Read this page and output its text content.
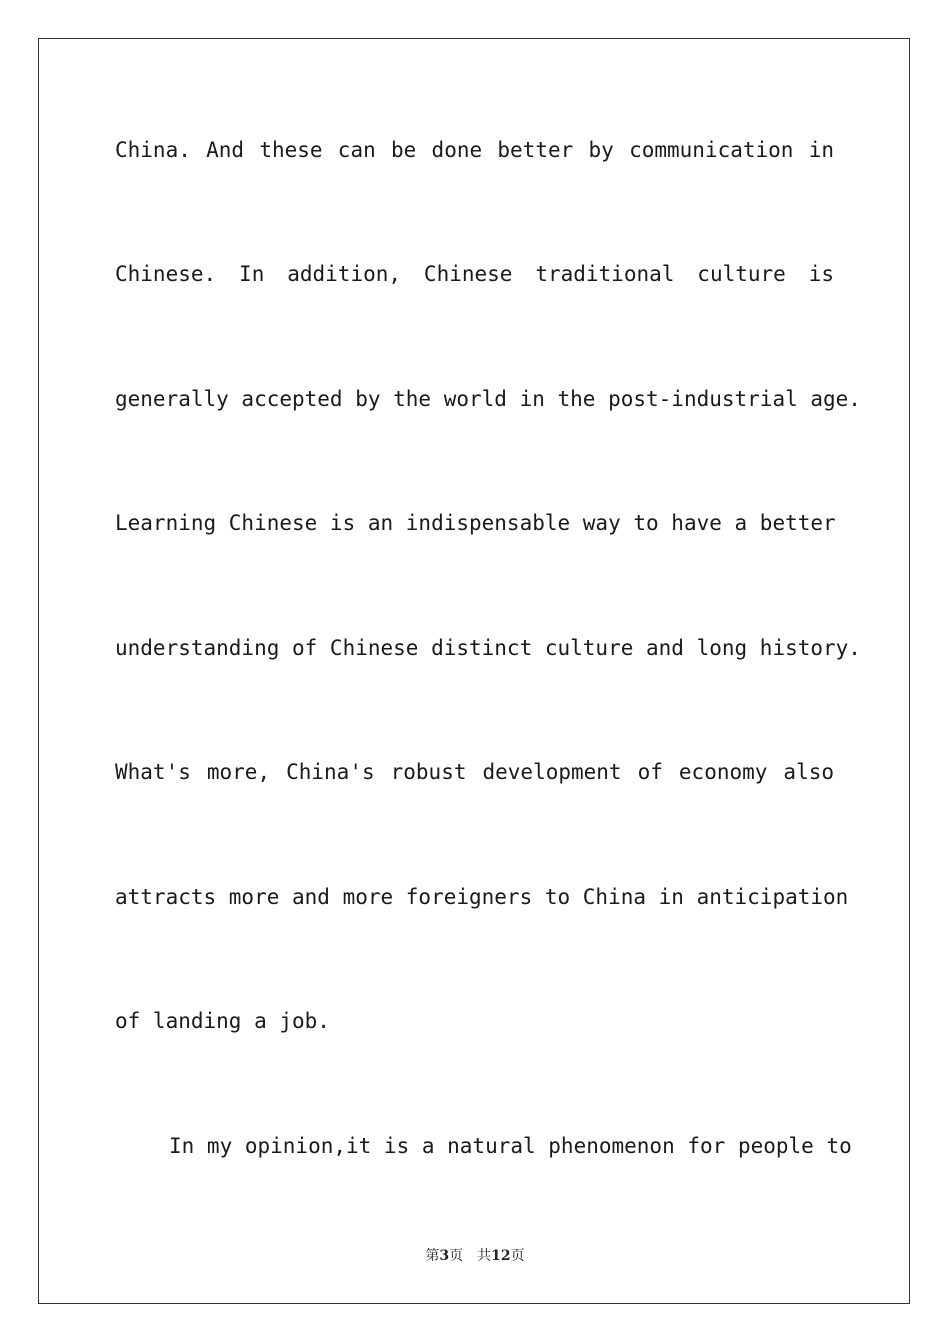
China. And these can be done better by communication in
Chinese. In addition, Chinese traditional culture is
generally accepted by the world in the post-industrial age.
Learning Chinese is an indispensable way to have a better
understanding of Chinese distinct culture and long history.
What's more, China's robust development of economy also
attracts more and more foreigners to China in anticipation
of landing a job.
In my opinion,it is a natural phenomenon for people to
第3页　共12页
